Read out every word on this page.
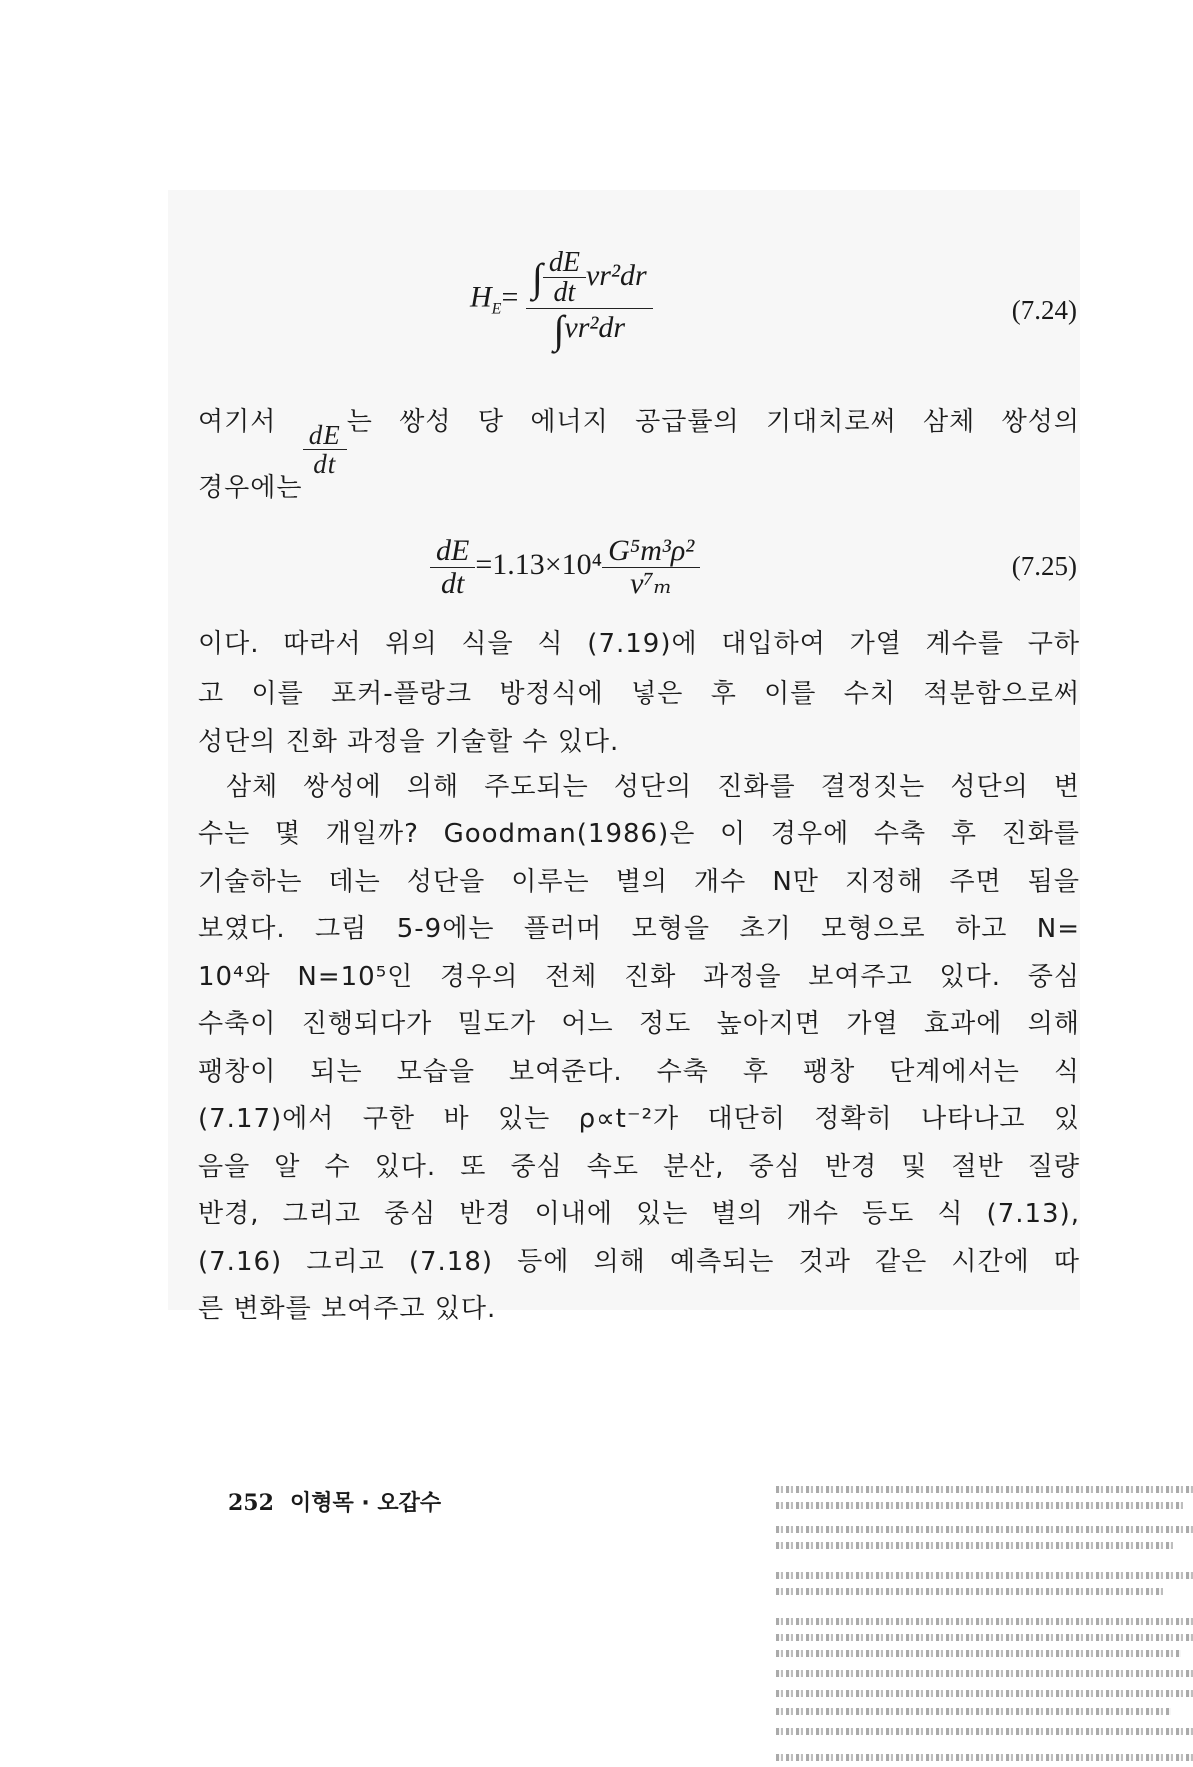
$H_E= \frac{\int \frac{dE}{dt} vr^2dr}{\text{∫vr²dr}}$	(7.24)
여기서 $\frac{dE}{dt}$ 는 쌍성 당 에너지 공급률의 기대치로써 삼체 쌍성의
경우에는
$\frac{dE}{dt} =1.13\times 10^4 \frac{\text{G⁵m³ρ²}}{\text{v⁷ₘ}}$	(7.25)
이다. 따라서 위의 식을 식 (7.19)에 대입하여 가열 계수를 구하
고 이를 포커-플랑크 방정식에 넣은 후 이를 수치 적분함으로써
성단의 진화 과정을 기술할 수 있다.
삼체 쌍성에 의해 주도되는 성단의 진화를 결정짓는 성단의 변
수는 몇 개일까? Goodman(1986)은 이 경우에 수축 후 진화를
기술하는 데는 성단을 이루는 별의 개수 N만 지정해 주면 됨을
보였다. 그림 5-9에는 플러머 모형을 초기 모형으로 하고 N=
10⁴와 N=10⁵인 경우의 전체 진화 과정을 보여주고 있다. 중심
수축이 진행되다가 밀도가 어느 정도 높아지면 가열 효과에 의해
팽창이 되는 모습을 보여준다. 수축 후 팽창 단계에서는 식
(7.17)에서 구한 바 있는 ρ∝t⁻²가 대단히 정확히 나타나고 있
음을 알 수 있다. 또 중심 속도 분산, 중심 반경 및 절반 질량
반경, 그리고 중심 반경 이내에 있는 별의 개수 등도 식 (7.13),
(7.16) 그리고 (7.18) 등에 의해 예측되는 것과 같은 시간에 따
른 변화를 보여주고 있다.
252 이형목 · 오갑수
